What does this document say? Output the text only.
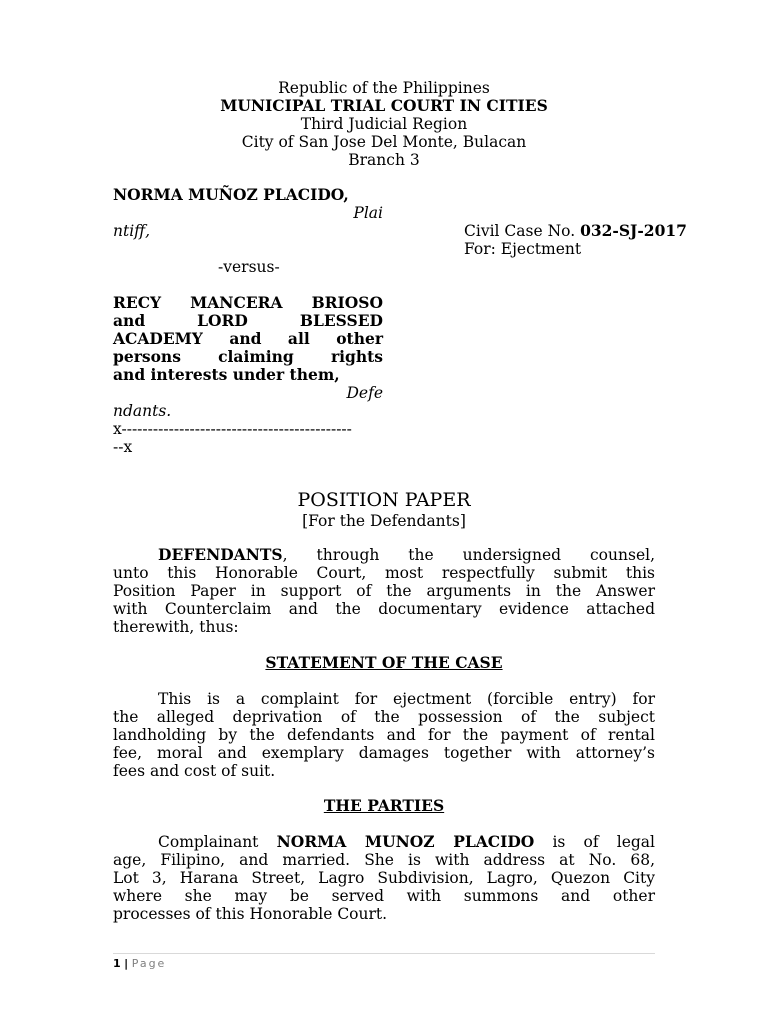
Republic of the Philippines
MUNICIPAL TRIAL COURT IN CITIES
Third Judicial Region
City of San Jose Del Monte, Bulacan
Branch 3
NORMA MUÑOZ PLACIDO,
Plai
ntiff,	Civil Case No. 032-SJ-2017
For: Ejectment
-versus-
RECY MANCERA BRIOSO
and LORD BLESSED
ACADEMY and all other
persons claiming rights
and interests under them,
Defe
ndants.
x--------------------------------------------
--x
POSITION PAPER
[For the Defendants]
DEFENDANTS, through the undersigned counsel,
unto this Honorable Court, most respectfully submit this
Position Paper in support of the arguments in the Answer
with Counterclaim and the documentary evidence attached
therewith, thus:
STATEMENT OF THE CASE
This is a complaint for ejectment (forcible entry) for
the alleged deprivation of the possession of the subject
landholding by the defendants and for the payment of rental
fee, moral and exemplary damages together with attorney’s
fees and cost of suit.
THE PARTIES
Complainant NORMA MUNOZ PLACIDO is of legal
age, Filipino, and married. She is with address at No. 68,
Lot 3, Harana Street, Lagro Subdivision, Lagro, Quezon City
where she may be served with summons and other
processes of this Honorable Court.
1 | Page
